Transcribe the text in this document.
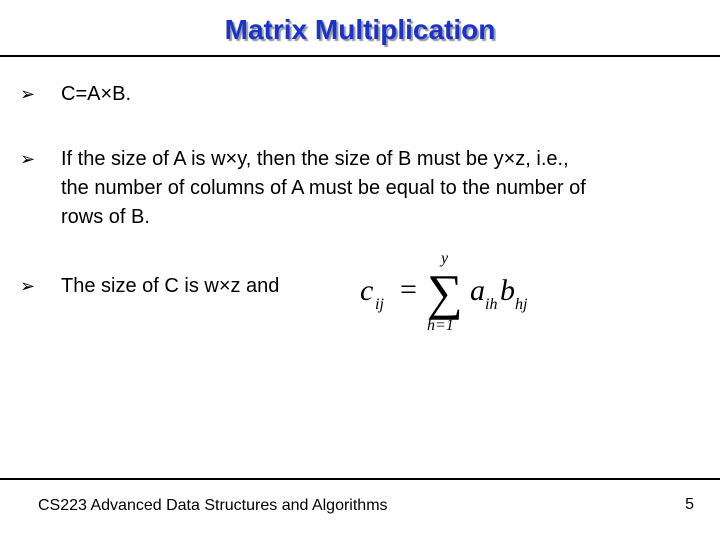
Matrix Multiplication
➢ C=A×B.
➢ If the size of A is w×y, then the size of B must be y×z, i.e.,
the number of columns of A must be equal to the number of
rows of B.
➢ The size of C is w×z and	c ij =
y
∑
h=1
a ih b hj
CS223 Advanced Data Structures and Algorithms	5
